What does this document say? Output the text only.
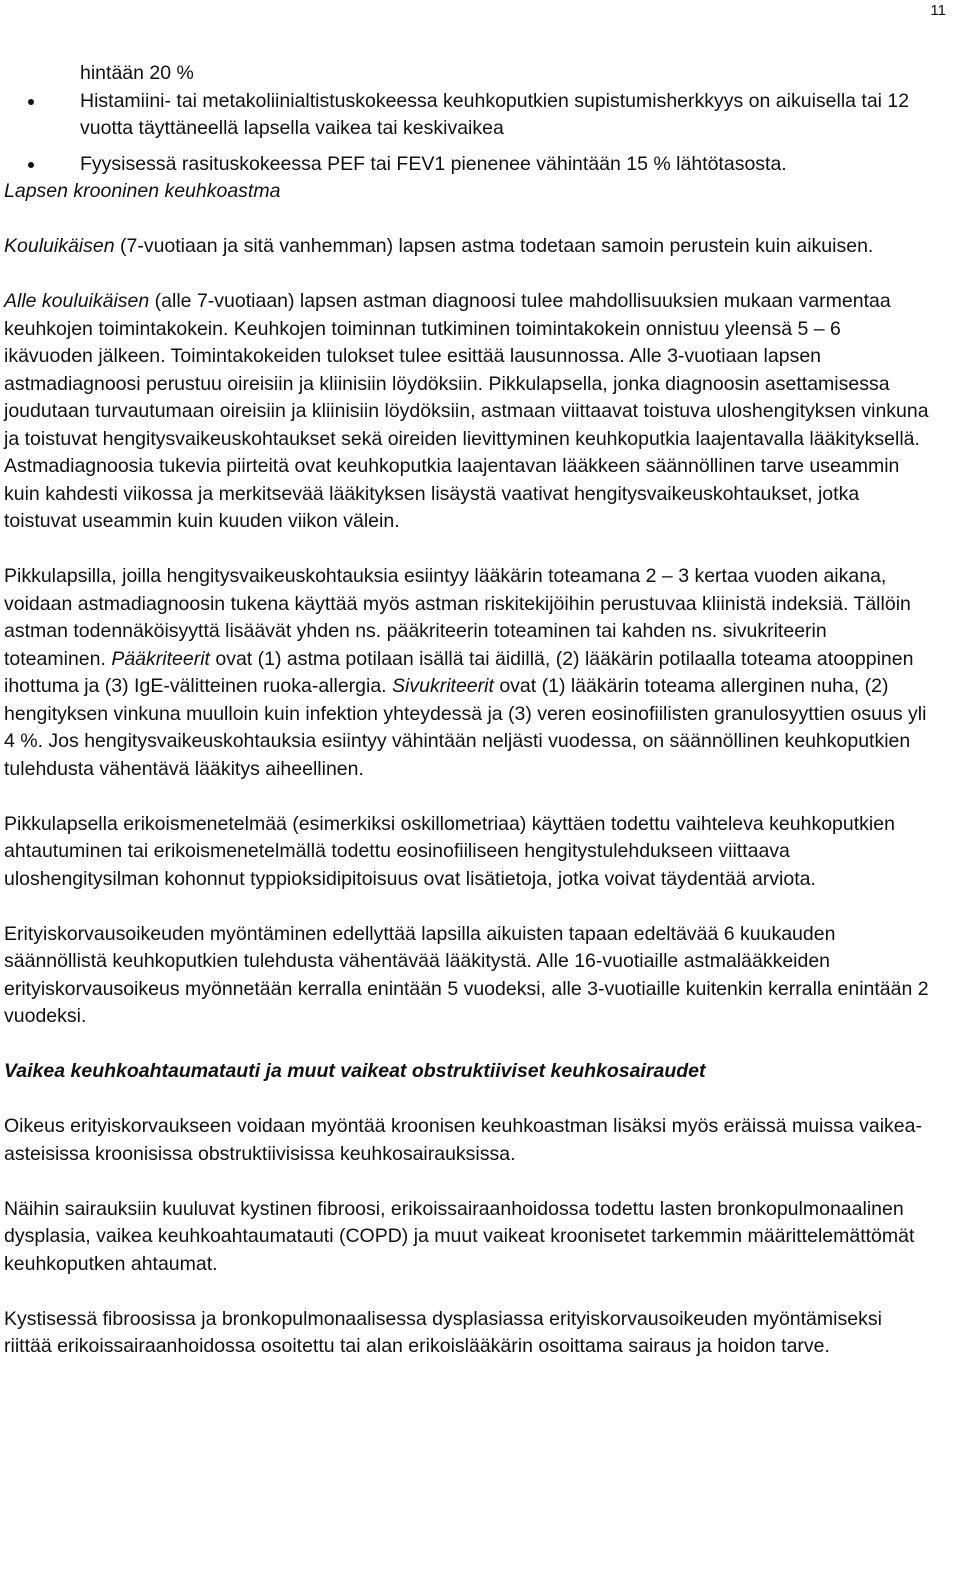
11

hintään 20 %

Histamiini- tai metakoliinialtistuskokeessa keuhkoputkien supistumisherkkyys on aikuisella tai 12 vuotta täyttäneellä lapsella vaikea tai keskivaikea
Fyysisessä rasituskokeessa PEF tai FEV1 pienenee vähintään 15 % lähtötasosta.

Lapsen krooninen keuhkoastma

Kouluikäisen (7-vuotiaan ja sitä vanhemman) lapsen astma todetaan samoin perustein kuin aikuisen.

Alle kouluikäisen (alle 7-vuotiaan) lapsen astman diagnoosi tulee mahdollisuuksien mukaan varmentaa keuhkojen toimintakokein. Keuhkojen toiminnan tutkiminen toimintakokein onnistuu yleensä 5 – 6 ikävuoden jälkeen. Toimintakokeiden tulokset tulee esittää lausunnossa. Alle 3-vuotiaan lapsen astmadiagnoosi perustuu oireisiin ja kliinisiin löydöksiin. Pikkulapsella, jonka diagnoosin asettamisessa joudutaan turvautumaan oireisiin ja kliinisiin löydöksiin, astmaan viittaavat toistuva uloshengityksen vinkuna ja toistuvat hengitysvaikeuskohtaukset sekä oireiden lievittyminen keuhkoputkia laajentavalla lääkityksellä. Astmadiagnoosia tukevia piirteitä ovat keuhkoputkia laajentavan lääkkeen säännöllinen tarve useammin kuin kahdesti viikossa ja merkitsevää lääkityksen lisäystä vaativat hengitysvaikeuskohtaukset, jotka toistuvat useammin kuin kuuden viikon välein.

Pikkulapsilla, joilla hengitysvaikeuskohtauksia esiintyy lääkärin toteamana 2 – 3 kertaa vuoden aikana, voidaan astmadiagnoosin tukena käyttää myös astman riskitekijöihin perustuvaa kliinistä indeksiä. Tällöin astman todennäköisyyttä lisäävät yhden ns. pääkriteerin toteaminen tai kahden ns. sivukriteerin toteaminen. Pääkriteerit ovat (1) astma potilaan isällä tai äidillä, (2) lääkärin potilaalla toteama atooppinen ihottuma ja (3) IgE-välitteinen ruoka-allergia. Sivukriteerit ovat (1) lääkärin toteama allerginen nuha, (2) hengityksen vinkuna muulloin kuin infektion yhteydessä ja (3) veren eosinofiilisten granulosyyttien osuus yli 4 %. Jos hengitysvaikeuskohtauksia esiintyy vähintään neljästi vuodessa, on säännöllinen keuhkoputkien tulehdusta vähentävä lääkitys aiheellinen.

Pikkulapsella erikoismenetelmää (esimerkiksi oskillometriaa) käyttäen todettu vaihteleva keuhkoputkien ahtautuminen tai erikoismenetelmällä todettu eosinofiiliseen hengitystulehdukseen viittaava uloshengitysilman kohonnut typpioksidipitoisuus ovat lisätietoja, jotka voivat täydentää arviota.

Erityiskorvausoikeuden myöntäminen edellyttää lapsilla aikuisten tapaan edeltävää 6 kuukauden säännöllistä keuhkoputkien tulehdusta vähentävää lääkitystä. Alle 16-vuotiaille astmalääkkeiden erityiskorvausoikeus myönnetään kerralla enintään 5 vuodeksi, alle 3-vuotiaille kuitenkin kerralla enintään 2 vuodeksi.

Vaikea keuhkoahtaumatauti ja muut vaikeat obstruktiiviset keuhkosairaudet

Oikeus erityiskorvaukseen voidaan myöntää kroonisen keuhkoastman lisäksi myös eräissä muissa vaikea-asteisissa kroonisissa obstruktiivisissa keuhkosairauksissa.

Näihin sairauksiin kuuluvat kystinen fibroosi, erikoissairaanhoidossa todettu lasten bronkopulmonaalinen dysplasia, vaikea keuhkoahtaumatauti (COPD) ja muut vaikeat kroonisetet tarkemmin määrittelemättömät keuhkoputken ahtaumat.

Kystisessä fibroosissa ja bronkopulmonaalisessa dysplasiassa erityiskorvausoikeuden myöntämiseksi riittää erikoissairaanhoidossa osoitettu tai alan erikoislääkärin osoittama sairaus ja hoidon tarve.
